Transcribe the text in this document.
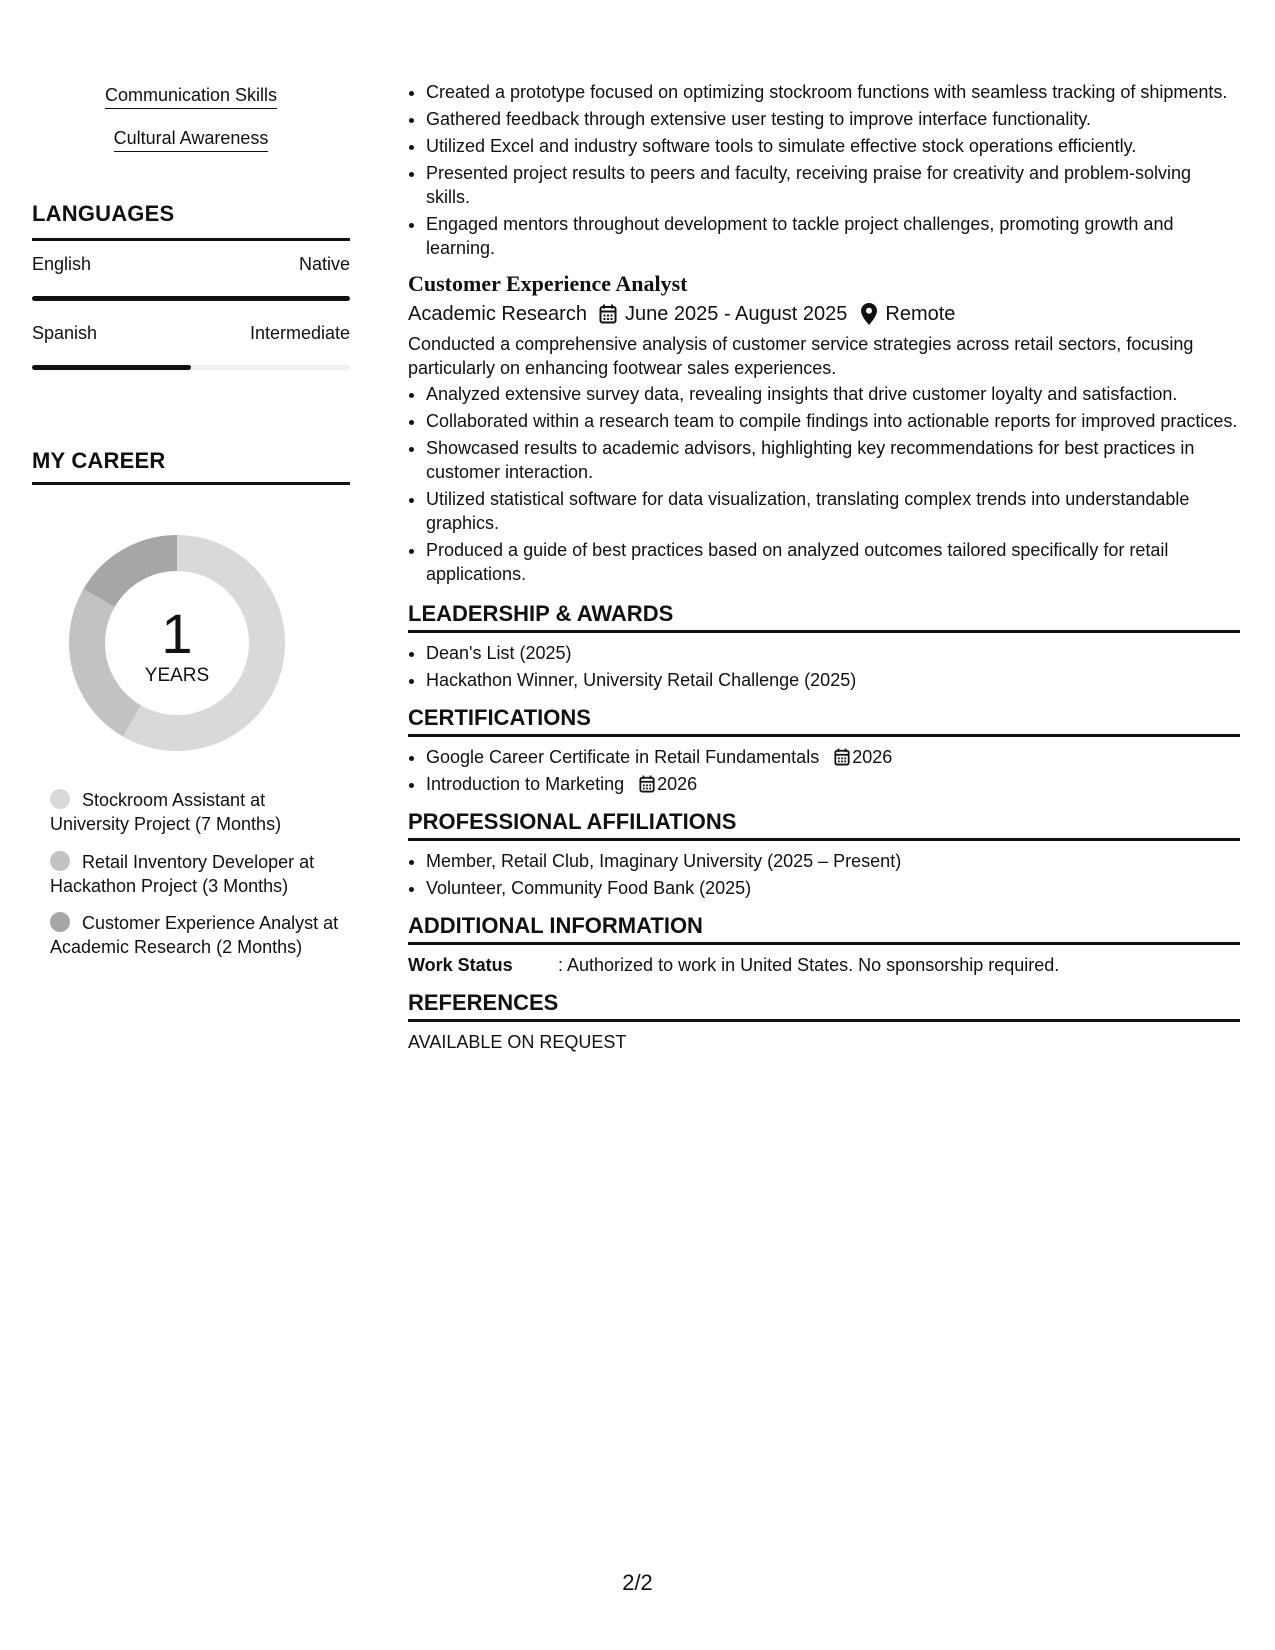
Communication Skills
Cultural Awareness
LANGUAGES
English	Native
Spanish	Intermediate
MY CAREER
1
YEARS
Stockroom Assistant at University Project (7 Months)
Retail Inventory Developer at Hackathon Project (3 Months)
Customer Experience Analyst at Academic Research (2 Months)
• Created a prototype focused on optimizing stockroom functions with seamless tracking of shipments.
• Gathered feedback through extensive user testing to improve interface functionality.
• Utilized Excel and industry software tools to simulate effective stock operations efficiently.
• Presented project results to peers and faculty, receiving praise for creativity and problem-solving skills.
• Engaged mentors throughout development to tackle project challenges, promoting growth and learning.
Customer Experience Analyst
Academic Research June 2025 - August 2025 Remote
Conducted a comprehensive analysis of customer service strategies across retail sectors, focusing particularly on enhancing footwear sales experiences.
• Analyzed extensive survey data, revealing insights that drive customer loyalty and satisfaction.
• Collaborated within a research team to compile findings into actionable reports for improved practices.
• Showcased results to academic advisors, highlighting key recommendations for best practices in customer interaction.
• Utilized statistical software for data visualization, translating complex trends into understandable graphics.
• Produced a guide of best practices based on analyzed outcomes tailored specifically for retail applications.
LEADERSHIP & AWARDS
• Dean's List (2025)
• Hackathon Winner, University Retail Challenge (2025)
CERTIFICATIONS
• Google Career Certificate in Retail Fundamentals 2026
• Introduction to Marketing 2026
PROFESSIONAL AFFILIATIONS
• Member, Retail Club, Imaginary University (2025 – Present)
• Volunteer, Community Food Bank (2025)
ADDITIONAL INFORMATION
Work Status	: Authorized to work in United States. No sponsorship required.
REFERENCES
AVAILABLE ON REQUEST
2/2
